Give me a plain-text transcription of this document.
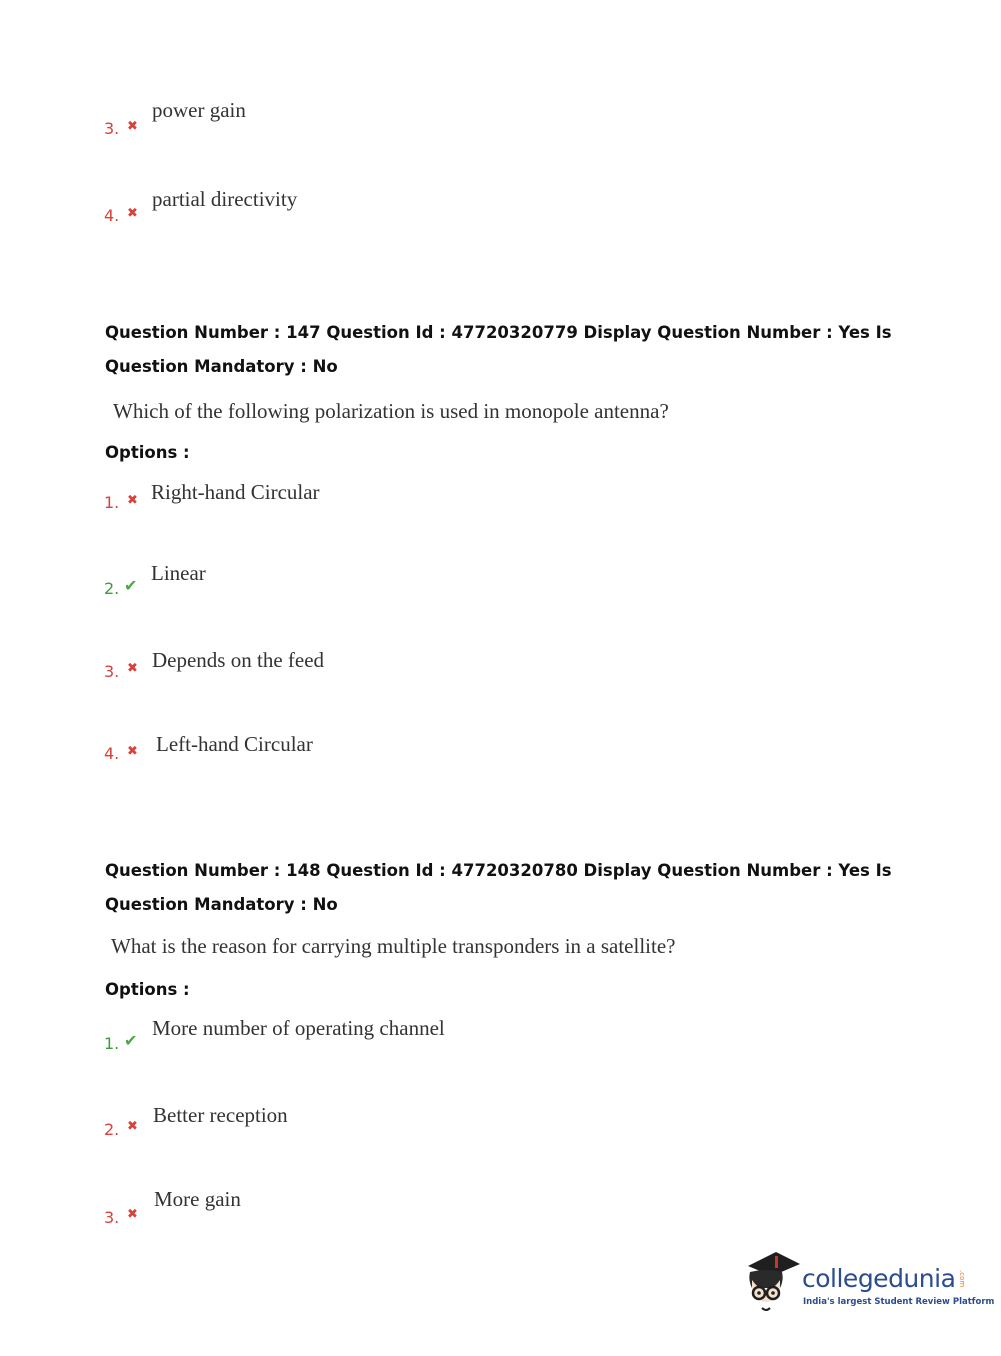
3. ✖
power gain
4. ✖
partial directivity
Question Number : 147 Question Id : 47720320779 Display Question Number : Yes Is Question Mandatory : No
Which of the following polarization is used in monopole antenna?
Options :
1. ✖ Right-hand Circular
2. ✔
Linear
3. ✖ Depends on the feed
4. ✖ Left-hand Circular
Question Number : 148 Question Id : 47720320780 Display Question Number : Yes Is Question Mandatory : No
What is the reason for carrying multiple transponders in a satellite?
Options :
1. ✔
More number of operating channel
2. ✖ Better reception
3. ✖
More gain
collegedunia .com
India's largest Student Review Platform
